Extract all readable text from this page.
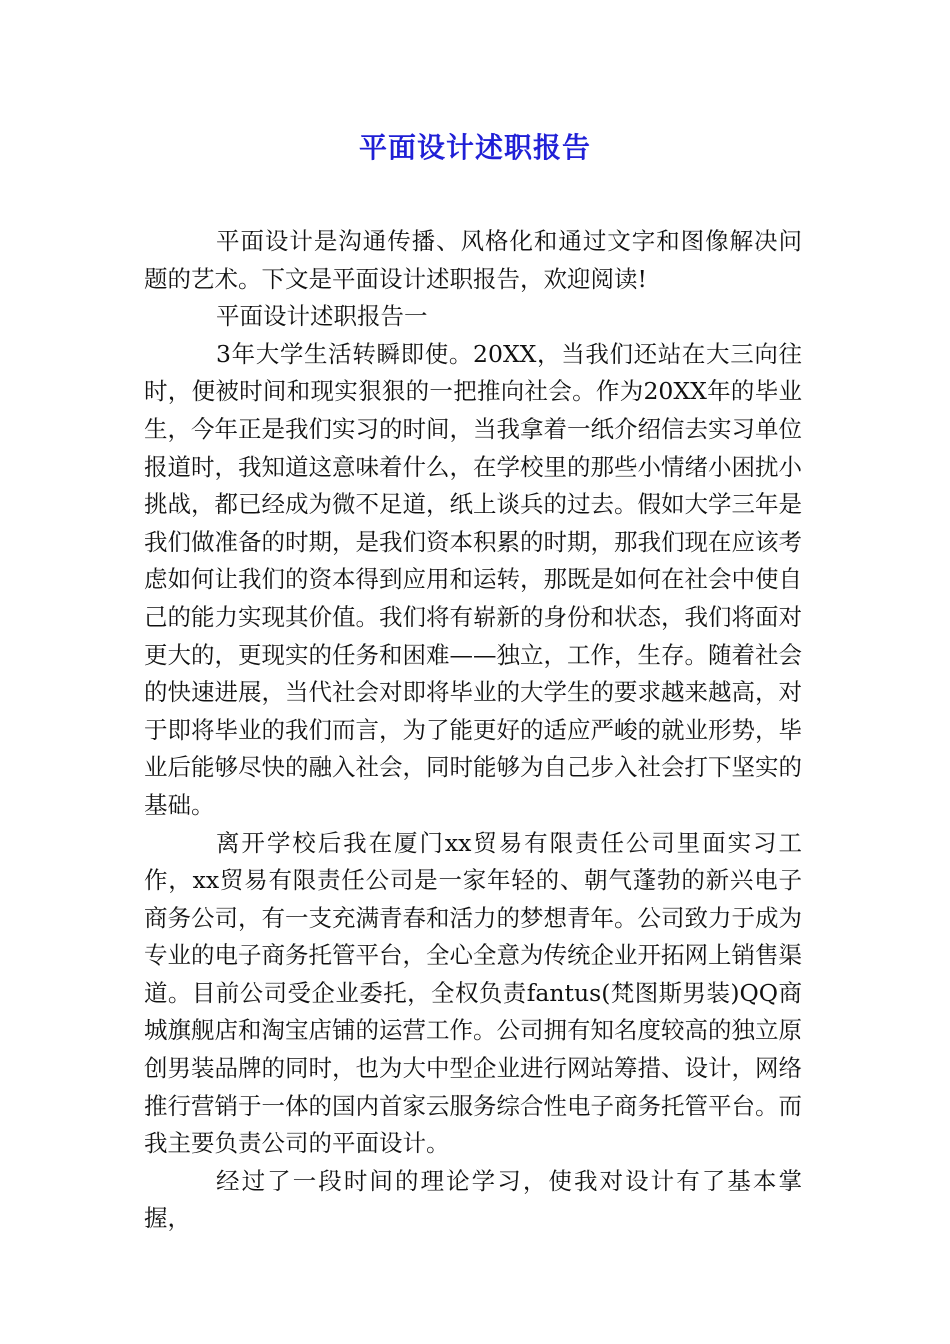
平面设计述职报告

平面设计是沟通传播、风格化和通过文字和图像解决问题的艺术。下文是平面设计述职报告，欢迎阅读!

平面设计述职报告一

3年大学生活转瞬即使。20XX，当我们还站在大三向往时，便被时间和现实狠狠的一把推向社会。作为20XX年的毕业生，今年正是我们实习的时间，当我拿着一纸介绍信去实习单位报道时，我知道这意味着什么，在学校里的那些小情绪小困扰小挑战，都已经成为微不足道，纸上谈兵的过去。假如大学三年是我们做准备的时期，是我们资本积累的时期，那我们现在应该考虑如何让我们的资本得到应用和运转，那既是如何在社会中使自己的能力实现其价值。我们将有崭新的身份和状态，我们将面对更大的，更现实的任务和困难——独立，工作，生存。随着社会的快速进展，当代社会对即将毕业的大学生的要求越来越高，对于即将毕业的我们而言，为了能更好的适应严峻的就业形势，毕业后能够尽快的融入社会，同时能够为自己步入社会打下坚实的基础。

离开学校后我在厦门xx贸易有限责任公司里面实习工作，xx贸易有限责任公司是一家年轻的、朝气蓬勃的新兴电子商务公司，有一支充满青春和活力的梦想青年。公司致力于成为专业的电子商务托管平台，全心全意为传统企业开拓网上销售渠道。目前公司受企业委托，全权负责fantus(梵图斯男装)QQ商城旗舰店和淘宝店铺的运营工作。公司拥有知名度较高的独立原创男装品牌的同时，也为大中型企业进行网站筹措、设计，网络推行营销于一体的国内首家云服务综合性电子商务托管平台。而我主要负责公司的平面设计。

经过了一段时间的理论学习，使我对设计有了基本掌握，
